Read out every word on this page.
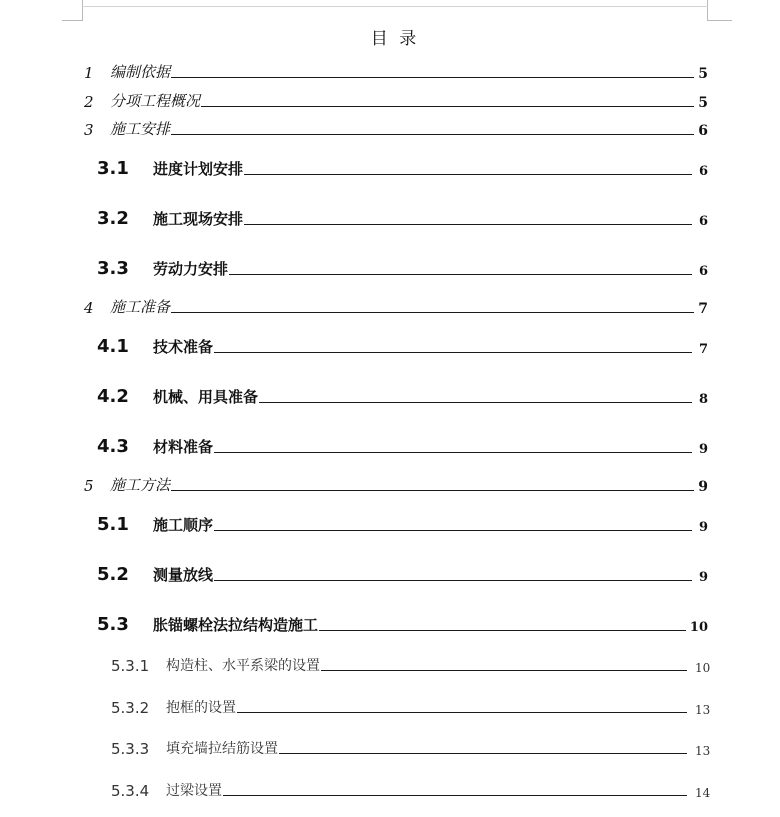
目 录
1	编制依据	5
2	分项工程概况	5
3	施工安排	6
3.1	进度计划安排	6
3.2	施工现场安排	6
3.3	劳动力安排	6
4	施工准备	7
4.1	技术准备	7
4.2	机械、用具准备	8
4.3	材料准备	9
5	施工方法	9
5.1	施工顺序	9
5.2	测量放线	9
5.3	胀锚螺栓法拉结构造施工	10
5.3.1	构造柱、水平系梁的设置	10
5.3.2	抱框的设置	13
5.3.3	填充墙拉结筋设置	13
5.3.4	过梁设置	14
